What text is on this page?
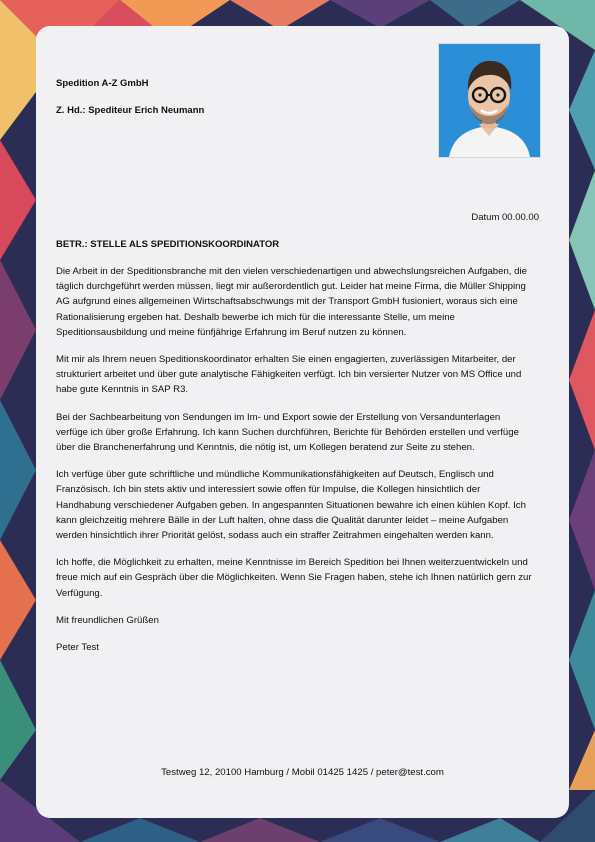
Spedition A-Z GmbH
Z. Hd.: Spediteur Erich Neumann
Datum 00.00.00
BETR.: STELLE ALS SPEDITIONSKOORDINATOR

Die Arbeit in der Speditionsbranche mit den vielen verschiedenartigen und abwechslungsreichen Aufgaben, die täglich durchgeführt werden müssen, liegt mir außerordentlich gut. Leider hat meine Firma, die Müller Shipping AG aufgrund eines allgemeinen Wirtschaftsabschwungs mit der Transport GmbH fusioniert, woraus sich eine Rationalisierung ergeben hat. Deshalb bewerbe ich mich für die interessante Stelle, um meine Speditionsausbildung und meine fünfjährige Erfahrung im Beruf nutzen zu können.

Mit mir als Ihrem neuen Speditionskoordinator erhalten Sie einen engagierten, zuverlässigen Mitarbeiter, der strukturiert arbeitet und über gute analytische Fähigkeiten verfügt. Ich bin versierter Nutzer von MS Office und habe gute Kenntnis in SAP R3.

Bei der Sachbearbeitung von Sendungen im Im- und Export sowie der Erstellung von Versandunterlagen verfüge ich über große Erfahrung. Ich kann Suchen durchführen, Berichte für Behörden erstellen und verfüge über die Branchenerfahrung und Kenntnis, die nötig ist, um Kollegen beratend zur Seite zu stehen.

Ich verfüge über gute schriftliche und mündliche Kommunikationsfähigkeiten auf Deutsch, Englisch und Französisch. Ich bin stets aktiv und interessiert sowie offen für Impulse, die Kollegen hinsichtlich der Handhabung verschiedener Aufgaben geben. In angespannten Situationen bewahre ich einen kühlen Kopf. Ich kann gleichzeitig mehrere Bälle in der Luft halten, ohne dass die Qualität darunter leidet – meine Aufgaben werden hinsichtlich ihrer Priorität gelöst, sodass auch ein straffer Zeitrahmen eingehalten werden kann.

Ich hoffe, die Möglichkeit zu erhalten, meine Kenntnisse im Bereich Spedition bei Ihnen weiterzuentwickeln und freue mich auf ein Gespräch über die Möglichkeiten. Wenn Sie Fragen haben, stehe ich Ihnen natürlich gern zur Verfügung.

Mit freundlichen Grüßen
Peter Test
Testweg 12, 20100 Hamburg / Mobil 01425 1425 / peter@test.com
